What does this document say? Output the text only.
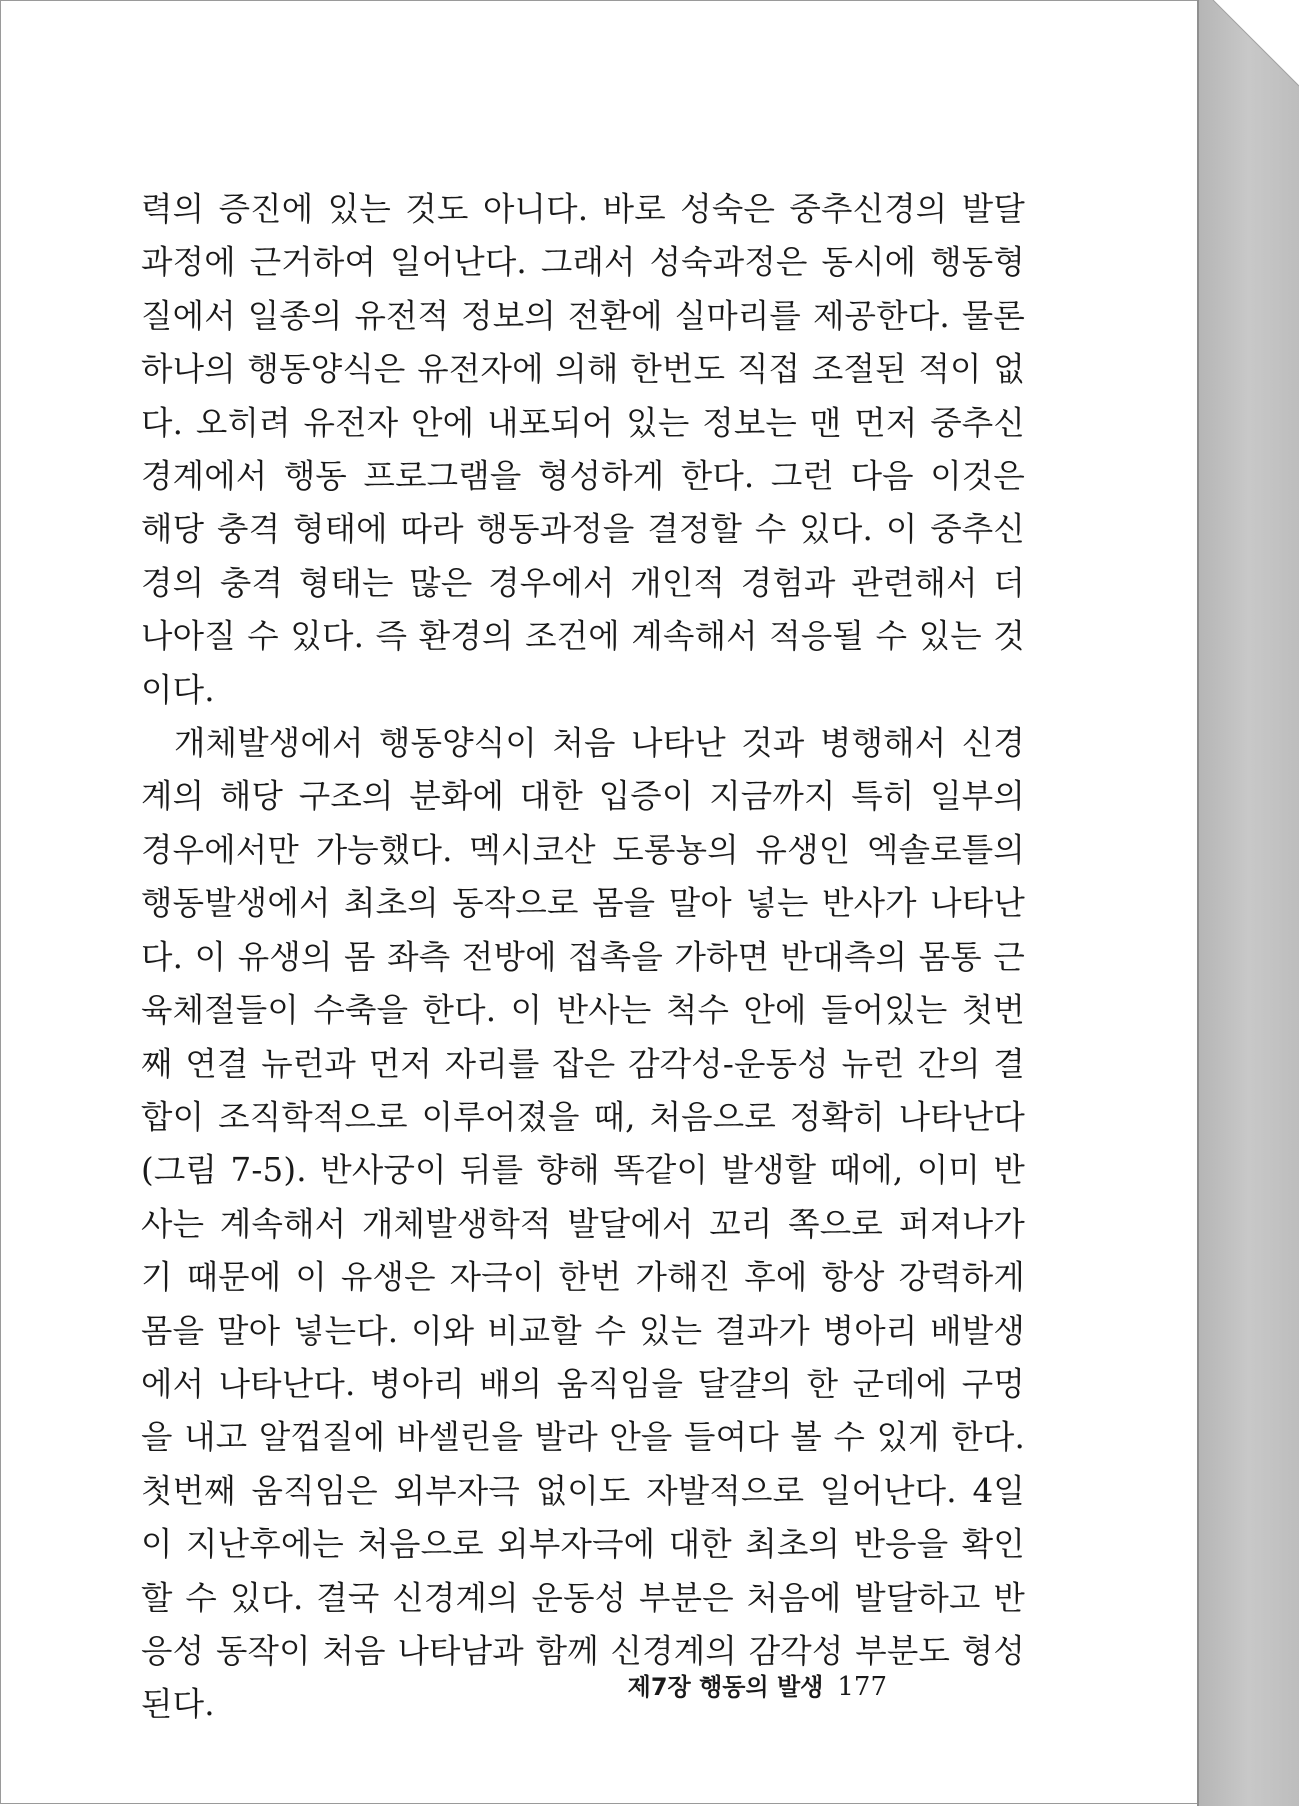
력의 증진에 있는 것도 아니다. 바로 성숙은 중추신경의 발달과정에 근거하여 일어난다. 그래서 성숙과정은 동시에 행동형질에서 일종의 유전적 정보의 전환에 실마리를 제공한다. 물론 하나의 행동양식은 유전자에 의해 한번도 직접 조절된 적이 없다. 오히려 유전자 안에 내포되어 있는 정보는 맨 먼저 중추신경계에서 행동 프로그램을 형성하게 한다. 그런 다음 이것은 해당 충격 형태에 따라 행동과정을 결정할 수 있다. 이 중추신경의 충격 형태는 많은 경우에서 개인적 경험과 관련해서 더 나아질 수 있다. 즉 환경의 조건에 계속해서 적응될 수 있는 것이다.

개체발생에서 행동양식이 처음 나타난 것과 병행해서 신경계의 해당 구조의 분화에 대한 입증이 지금까지 특히 일부의 경우에서만 가능했다. 멕시코산 도롱뇽의 유생인 엑솔로틀의 행동발생에서 최초의 동작으로 몸을 말아 넣는 반사가 나타난다. 이 유생의 몸 좌측 전방에 접촉을 가하면 반대측의 몸통 근육체절들이 수축을 한다. 이 반사는 척수 안에 들어있는 첫번째 연결 뉴런과 먼저 자리를 잡은 감각성-운동성 뉴런 간의 결합이 조직학적으로 이루어졌을 때, 처음으로 정확히 나타난다(그림 7-5). 반사궁이 뒤를 향해 똑같이 발생할 때에, 이미 반사는 계속해서 개체발생학적 발달에서 꼬리 쪽으로 퍼져나가기 때문에 이 유생은 자극이 한번 가해진 후에 항상 강력하게 몸을 말아 넣는다. 이와 비교할 수 있는 결과가 병아리 배발생에서 나타난다. 병아리 배의 움직임을 달걀의 한 군데에 구멍을 내고 알껍질에 바셀린을 발라 안을 들여다 볼 수 있게 한다. 첫번째 움직임은 외부자극 없이도 자발적으로 일어난다. 4일이 지난후에는 처음으로 외부자극에 대한 최초의 반응을 확인할 수 있다. 결국 신경계의 운동성 부분은 처음에 발달하고 반응성 동작이 처음 나타남과 함께 신경계의 감각성 부분도 형성된다.	제7장 행동의 발생 177
